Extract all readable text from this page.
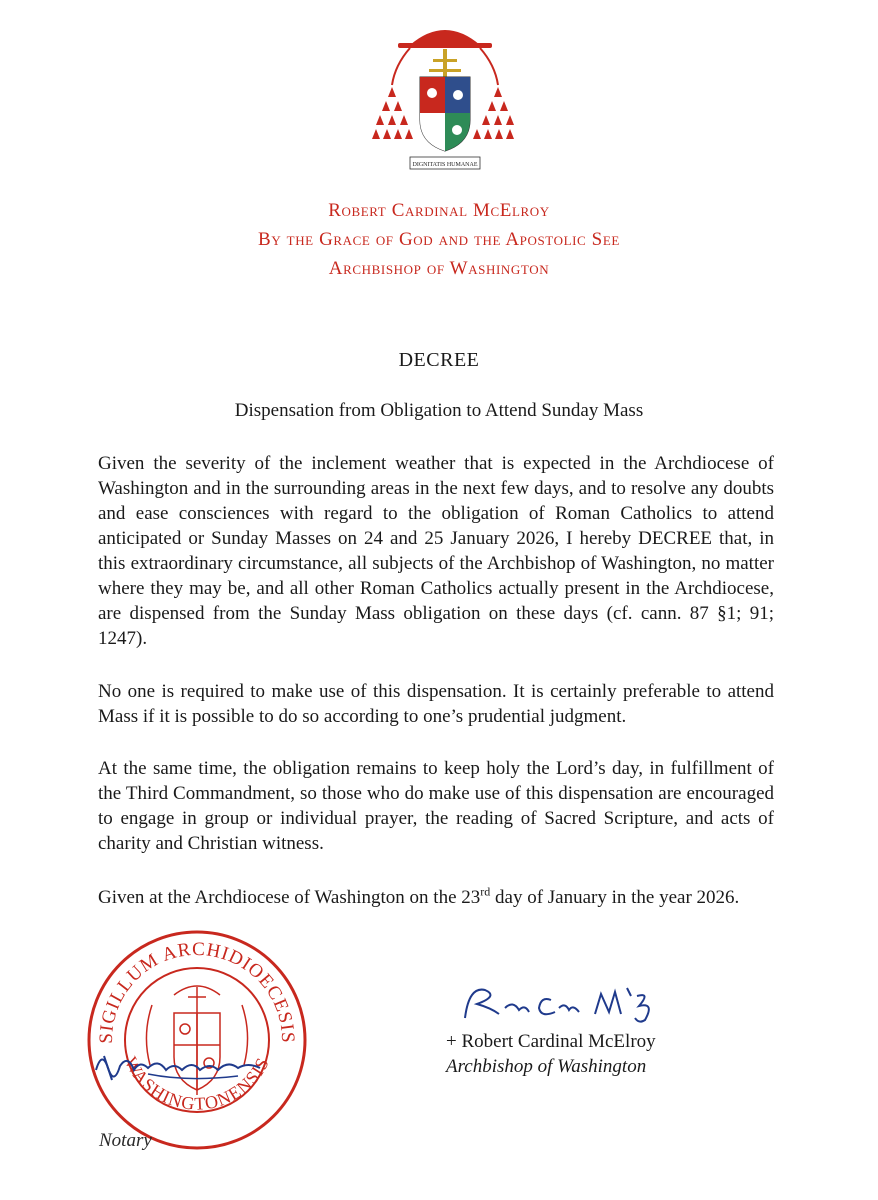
DIGNITATIS HUMANAE
Robert Cardinal McElroy
By the Grace of God and the Apostolic See
Archbishop of Washington
DECREE
Dispensation from Obligation to Attend Sunday Mass

Given the severity of the inclement weather that is expected in the Archdiocese of Washington and in the surrounding areas in the next few days, and to resolve any doubts and ease consciences with regard to the obligation of Roman Catholics to attend anticipated or Sunday Masses on 24 and 25 January 2026, I hereby DECREE that, in this extraordinary circumstance, all subjects of the Archbishop of Washington, no matter where they may be, and all other Roman Catholics actually present in the Archdiocese, are dispensed from the Sunday Mass obligation on these days (cf. cann. 87 §1; 91; 1247).

No one is required to make use of this dispensation. It is certainly preferable to attend Mass if it is possible to do so according to one’s prudential judgment.

At the same time, the obligation remains to keep holy the Lord’s day, in fulfillment of the Third Commandment, so those who do make use of this dispensation are encouraged to engage in group or individual prayer, the reading of Sacred Scripture, and acts of charity and Christian witness.

Given at the Archdiocese of Washington on the 23rd day of January in the year 2026.

SIGILLUM ARCHIDIOECESIS
WASHINGTONENSIS
Notary
+ Robert Cardinal McElroy
Archbishop of Washington
